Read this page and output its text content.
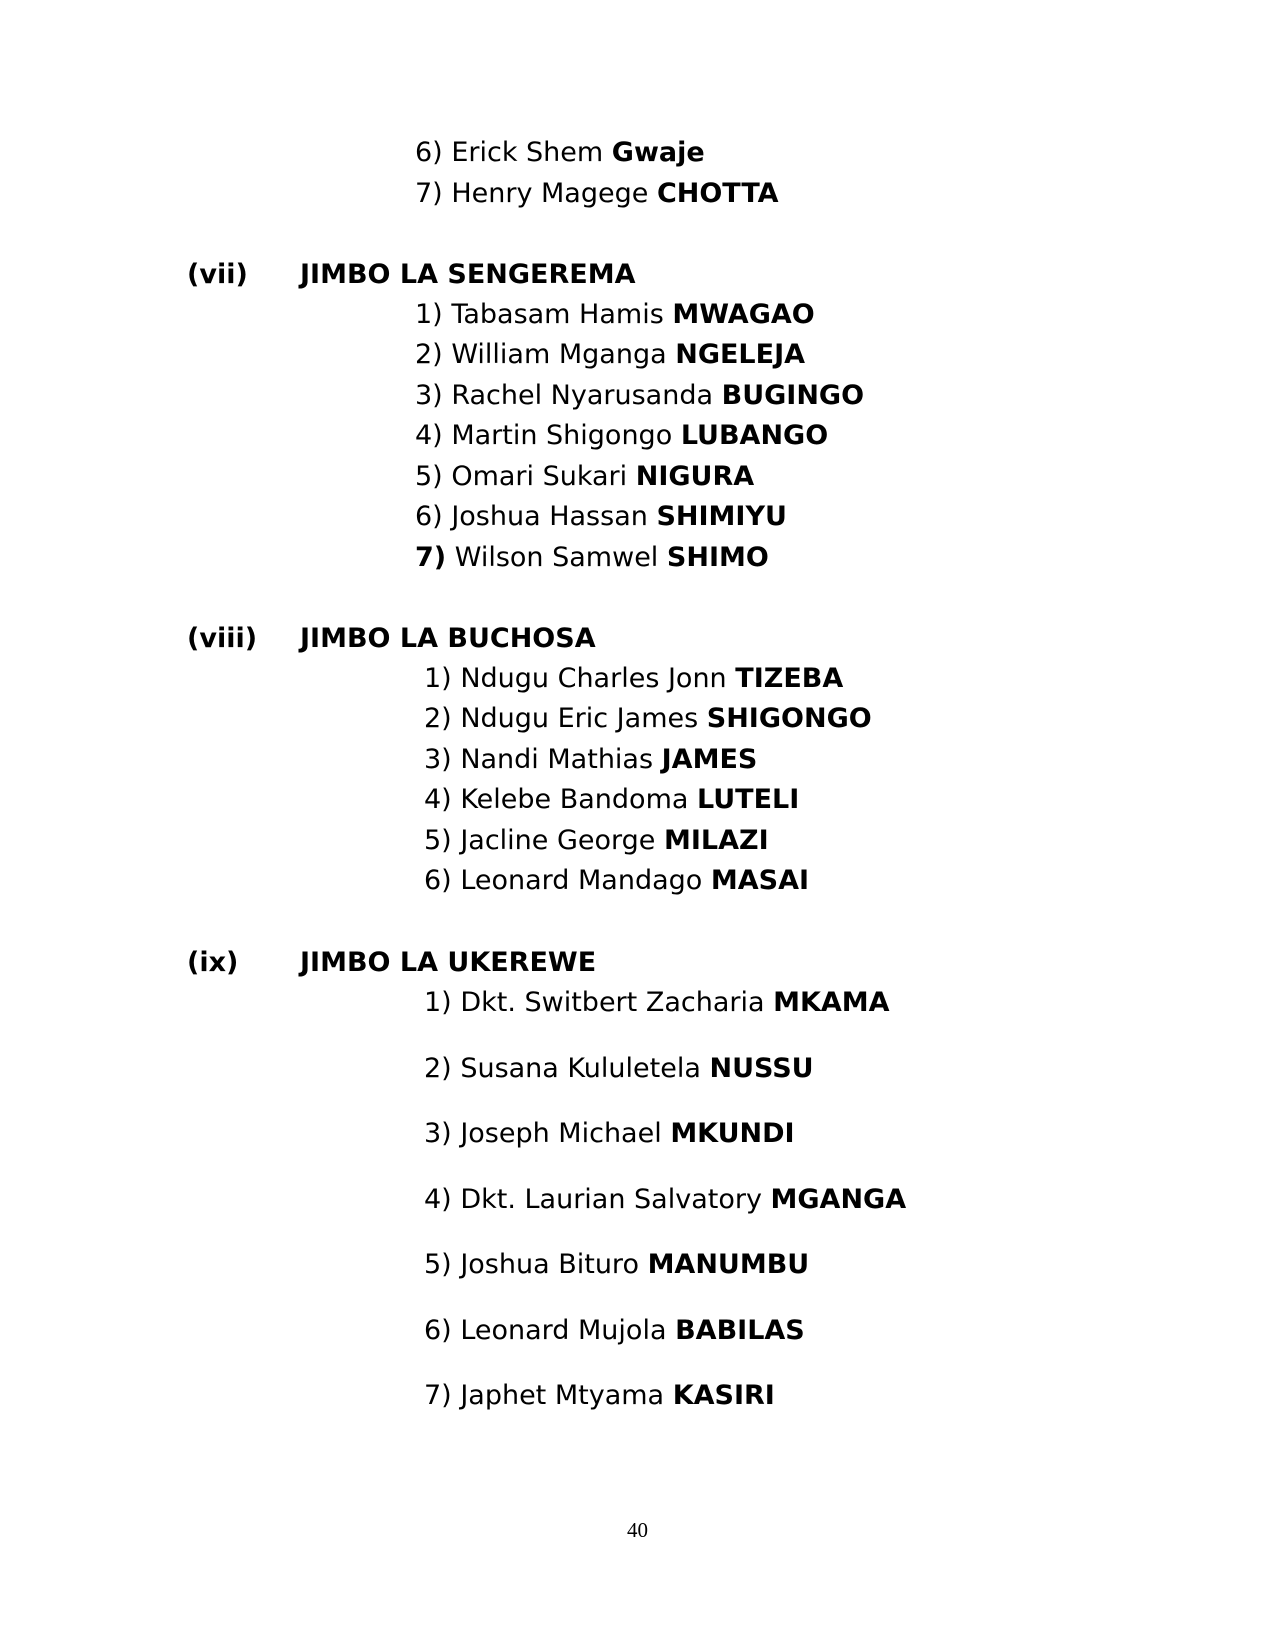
6) Erick Shem Gwaje
7) Henry Magege CHOTTA
(vii) JIMBO LA SENGEREMA
1) Tabasam Hamis MWAGAO
2) William Mganga NGELEJA
3) Rachel Nyarusanda BUGINGO
4) Martin Shigongo LUBANGO
5) Omari Sukari NIGURA
6) Joshua Hassan SHIMIYU
7) Wilson Samwel SHIMO
(viii) JIMBO LA BUCHOSA
1) Ndugu Charles Jonn TIZEBA
2) Ndugu Eric James SHIGONGO
3) Nandi Mathias JAMES
4) Kelebe Bandoma LUTELI
5) Jacline George MILAZI
6) Leonard Mandago MASAI
(ix) JIMBO LA UKEREWE
1) Dkt. Switbert Zacharia MKAMA
2) Susana Kululetela NUSSU
3) Joseph Michael MKUNDI
4) Dkt. Laurian Salvatory MGANGA
5) Joshua Bituro MANUMBU
6) Leonard Mujola BABILAS
7) Japhet Mtyama KASIRI
40
